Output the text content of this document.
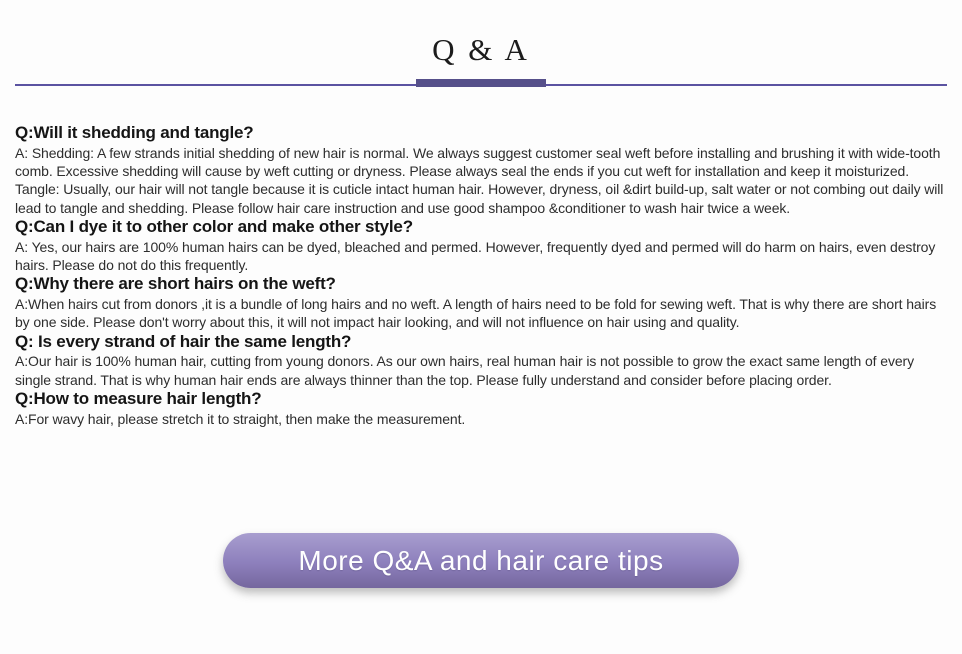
Q & A
Q:Will it shedding and tangle?

A: Shedding: A few strands initial shedding of new hair is normal. We always suggest customer seal weft before installing and brushing it with wide-tooth comb. Excessive shedding will cause by weft cutting or dryness. Please always seal the ends if you cut weft for installation and keep it moisturized.

Tangle: Usually, our hair will not tangle because it is cuticle intact human hair. However, dryness, oil &dirt build-up, salt water or not combing out daily will lead to tangle and shedding. Please follow hair care instruction and use good shampoo &conditioner to wash hair twice a week.

Q:Can I dye it to other color and make other style?

A: Yes, our hairs are 100% human hairs can be dyed, bleached and permed. However, frequently dyed and permed will do harm on hairs, even destroy hairs. Please do not do this frequently.

Q:Why there are short hairs on the weft?

A:When hairs cut from donors ,it is a bundle of long hairs and no weft. A length of hairs need to be fold for sewing weft. That is why there are short hairs by one side. Please don't worry about this, it will not impact hair looking, and will not influence on hair using and quality.

Q: Is every strand of hair the same length?

A:Our hair is 100% human hair, cutting from young donors. As our own hairs, real human hair is not possible to grow the exact same length of every single strand. That is why human hair ends are always thinner than the top. Please fully understand and consider before placing order.

Q:How to measure hair length?

A:For wavy hair, please stretch it to straight, then make the measurement.

More Q&A and hair care tips
